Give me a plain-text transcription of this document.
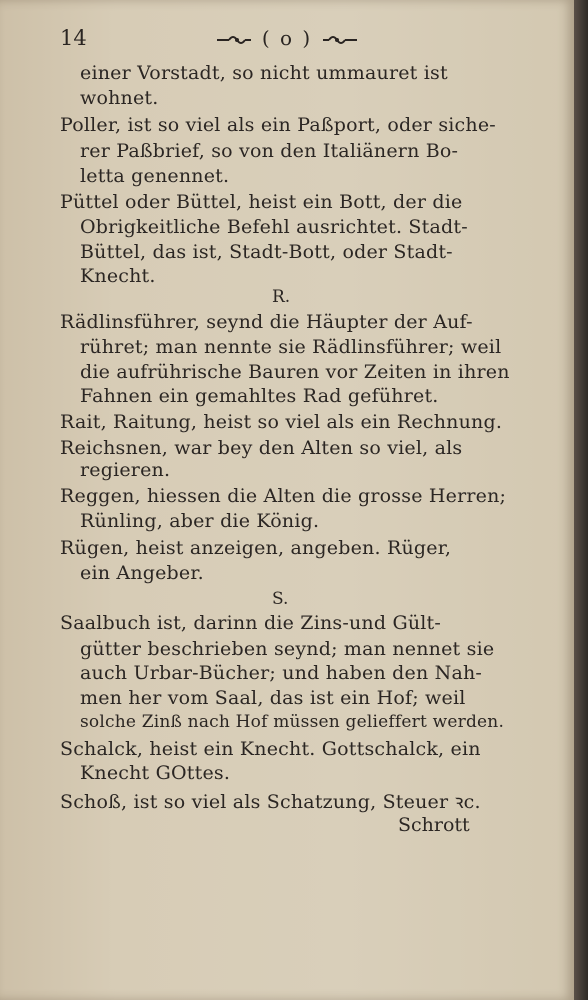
14	( o )
einer Vorstadt, so nicht ummauret ist
wohnet.
Poller, ist so viel als ein Paßport, oder siche-
rer Paßbrief, so von den Italiänern Bo-
letta genennet.
Püttel oder Büttel, heist ein Bott, der die
Obrigkeitliche Befehl ausrichtet. Stadt-
Büttel, das ist, Stadt-Bott, oder Stadt-
Knecht.
R.
Rädlinsführer, seynd die Häupter der Auf-
rühret; man nennte sie Rädlinsführer; weil
die aufrührische Bauren vor Zeiten in ihren
Fahnen ein gemahltes Rad geführet.
Rait, Raitung, heist so viel als ein Rechnung.
Reichsnen, war bey den Alten so viel, als
regieren.
Reggen, hiessen die Alten die grosse Herren;
Rünling, aber die König.
Rügen, heist anzeigen, angeben. Rüger,
ein Angeber.
S.
Saalbuch ist, darinn die Zins-und Gült-
gütter beschrieben seynd; man nennet sie
auch Urbar-Bücher; und haben den Nah-
men her vom Saal, das ist ein Hof; weil
solche Zinß nach Hof müssen gelieffert werden.
Schalck, heist ein Knecht. Gottschalck, ein
Knecht GOttes.
Schoß, ist so viel als Schatzung, Steuer ꝛc.
Schrott
